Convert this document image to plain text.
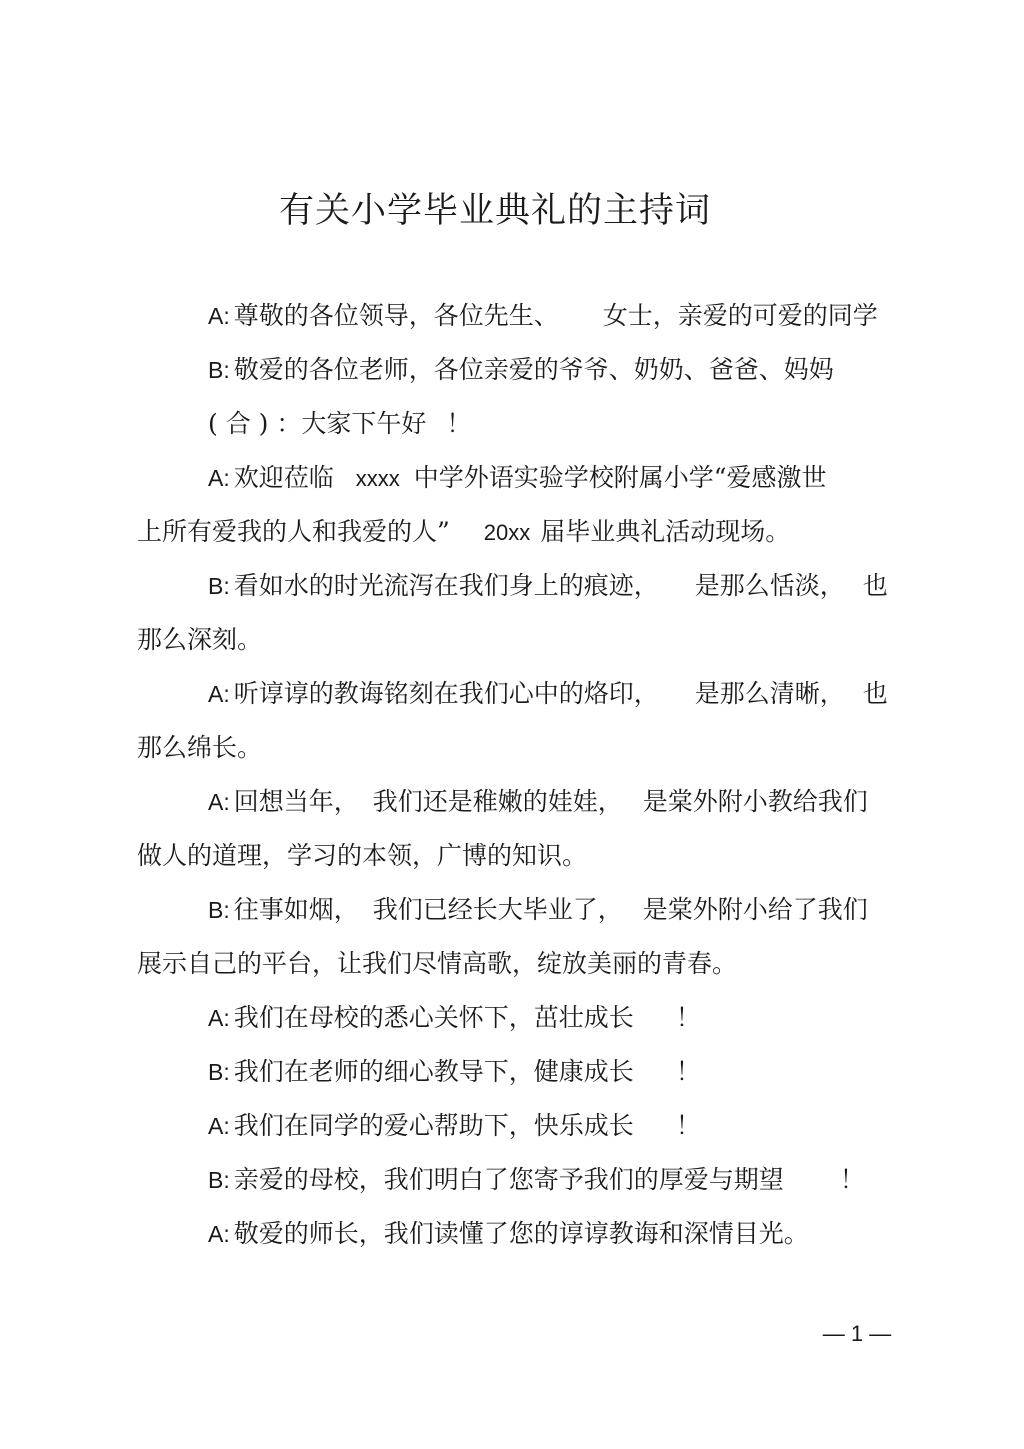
有关小学毕业典礼的主持词
A: 尊敬的各位领导，各位先生、 女士，亲爱的可爱的同学
B: 敬爱的各位老师，各位亲爱的爷爷、奶奶、爸爸、妈妈
( 合 ) ：大家下午好 ！
A: 欢迎莅临 xxxx 中学外语实验学校附属小学“爱感激世
上所有爱我的人和我爱的人” 20xx 届毕业典礼活动现场。
B: 看如水的时光流泻在我们身上的痕迹， 是那么恬淡， 也
那么深刻。
A: 听谆谆的教诲铭刻在我们心中的烙印， 是那么清晰， 也
那么绵长。
A: 回想当年， 我们还是稚嫩的娃娃， 是棠外附小教给我们
做人的道理，学习的本领，广博的知识。
B: 往事如烟， 我们已经长大毕业了， 是棠外附小给了我们
展示自己的平台，让我们尽情高歌，绽放美丽的青春。
A: 我们在母校的悉心关怀下，茁壮成长 ！
B: 我们在老师的细心教导下，健康成长 ！
A: 我们在同学的爱心帮助下，快乐成长 ！
B: 亲爱的母校，我们明白了您寄予我们的厚爱与期望 ！
A: 敬爱的师长，我们读懂了您的谆谆教诲和深情目光。
— 1 —
